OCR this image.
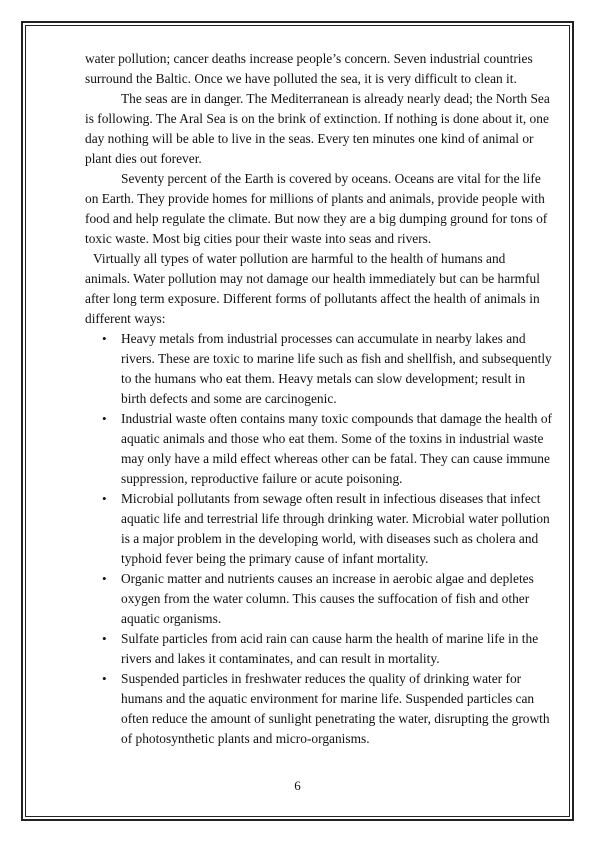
water pollution; cancer deaths increase people’s concern. Seven industrial countries surround the Baltic. Once we have polluted the sea, it is very difficult to clean it.

The seas are in danger. The Mediterranean is already nearly dead; the North Sea is following. The Aral Sea is on the brink of extinction. If nothing is done about it, one day nothing will be able to live in the seas. Every ten minutes one kind of animal or plant dies out forever.

Seventy percent of the Earth is covered by oceans. Oceans are vital for the life on Earth. They provide homes for millions of plants and animals, provide people with food and help regulate the climate. But now they are a big dumping ground for tons of toxic waste. Most big cities pour their waste into seas and rivers.

Virtually all types of water pollution are harmful to the health of humans and animals. Water pollution may not damage our health immediately but can be harmful after long term exposure. Different forms of pollutants affect the health of animals in different ways:

• Heavy metals from industrial processes can accumulate in nearby lakes and rivers. These are toxic to marine life such as fish and shellfish, and subsequently to the humans who eat them. Heavy metals can slow development; result in birth defects and some are carcinogenic.
• Industrial waste often contains many toxic compounds that damage the health of aquatic animals and those who eat them. Some of the toxins in industrial waste may only have a mild effect whereas other can be fatal. They can cause immune suppression, reproductive failure or acute poisoning.
• Microbial pollutants from sewage often result in infectious diseases that infect aquatic life and terrestrial life through drinking water. Microbial water pollution is a major problem in the developing world, with diseases such as cholera and typhoid fever being the primary cause of infant mortality.
• Organic matter and nutrients causes an increase in aerobic algae and depletes oxygen from the water column. This causes the suffocation of fish and other aquatic organisms.
• Sulfate particles from acid rain can cause harm the health of marine life in the rivers and lakes it contaminates, and can result in mortality.
• Suspended particles in freshwater reduces the quality of drinking water for humans and the aquatic environment for marine life. Suspended particles can often reduce the amount of sunlight penetrating the water, disrupting the growth of photosynthetic plants and micro-organisms.
6
